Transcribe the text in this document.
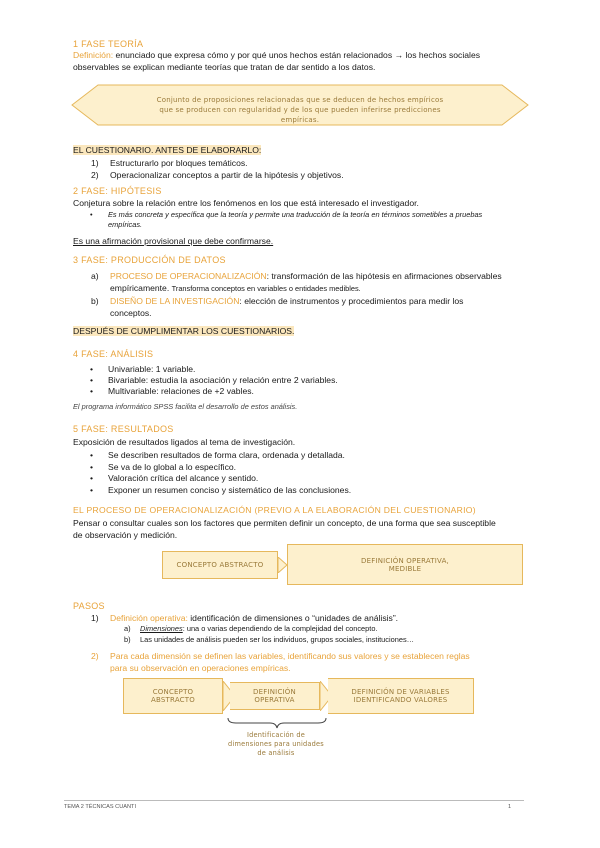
1 FASE TEORÍA
Definición: enunciado que expresa cómo y por qué unos hechos están relacionados → los hechos sociales
observables se explican mediante teorías que tratan de dar sentido a los datos.
Conjunto de proposiciones relacionadas que se deducen de hechos empíricos
que se producen con regularidad y de los que pueden inferirse predicciones
empíricas.
EL CUESTIONARIO. ANTES DE ELABORARLO:
1) Estructurarlo por bloques temáticos.
2) Operacionalizar conceptos a partir de la hipótesis y objetivos.
2 FASE: HIPÓTESIS
Conjetura sobre la relación entre los fenómenos en los que está interesado el investigador.
• Es más concreta y específica que la teoría y permite una traducción de la teoría en términos sometibles a pruebas
empíricas.
Es una afirmación provisional que debe confirmarse.
3 FASE: PRODUCCIÓN DE DATOS
a) PROCESO DE OPERACIONALIZACIÓN: transformación de las hipótesis en afirmaciones observables
empíricamente. Transforma conceptos en variables o entidades medibles.
b) DISEÑO DE LA INVESTIGACIÓN: elección de instrumentos y procedimientos para medir los
conceptos.
DESPUÉS DE CUMPLIMENTAR LOS CUESTIONARIOS.
4 FASE: ANÁLISIS
• Univariable: 1 variable.
• Bivariable: estudia la asociación y relación entre 2 variables.
• Multivariable: relaciones de +2 vables.
El programa informático SPSS facilita el desarrollo de estos análisis.
5 FASE: RESULTADOS
Exposición de resultados ligados al tema de investigación.
• Se describen resultados de forma clara, ordenada y detallada.
• Se va de lo global a lo específico.
• Valoración crítica del alcance y sentido.
• Exponer un resumen conciso y sistemático de las conclusiones.
EL PROCESO DE OPERACIONALIZACIÓN (PREVIO A LA ELABORACIÓN DEL CUESTIONARIO)
Pensar o consultar cuales son los factores que permiten definir un concepto, de una forma que sea susceptible
de observación y medición.
CONCEPTO ABSTRACTO
DEFINICIÓN OPERATIVA,
MEDIBLE
PASOS
1) Definición operativa: identificación de dimensiones o “unidades de análisis”.
a) Dimensiones: una o varias dependiendo de la complejidad del concepto.
b) Las unidades de análisis pueden ser los individuos, grupos sociales, instituciones…
2) Para cada dimensión se definen las variables, identificando sus valores y se establecen reglas
para su observación en operaciones empíricas.
CONCEPTO
ABSTRACTO
DEFINICIÓN
OPERATIVA
DEFINICIÓN DE VARIABLES
IDENTIFICANDO VALORES
Identificación de
dimensiones para unidades
de análisis
TEMA 2 TÉCNICAS CUANTI	1
